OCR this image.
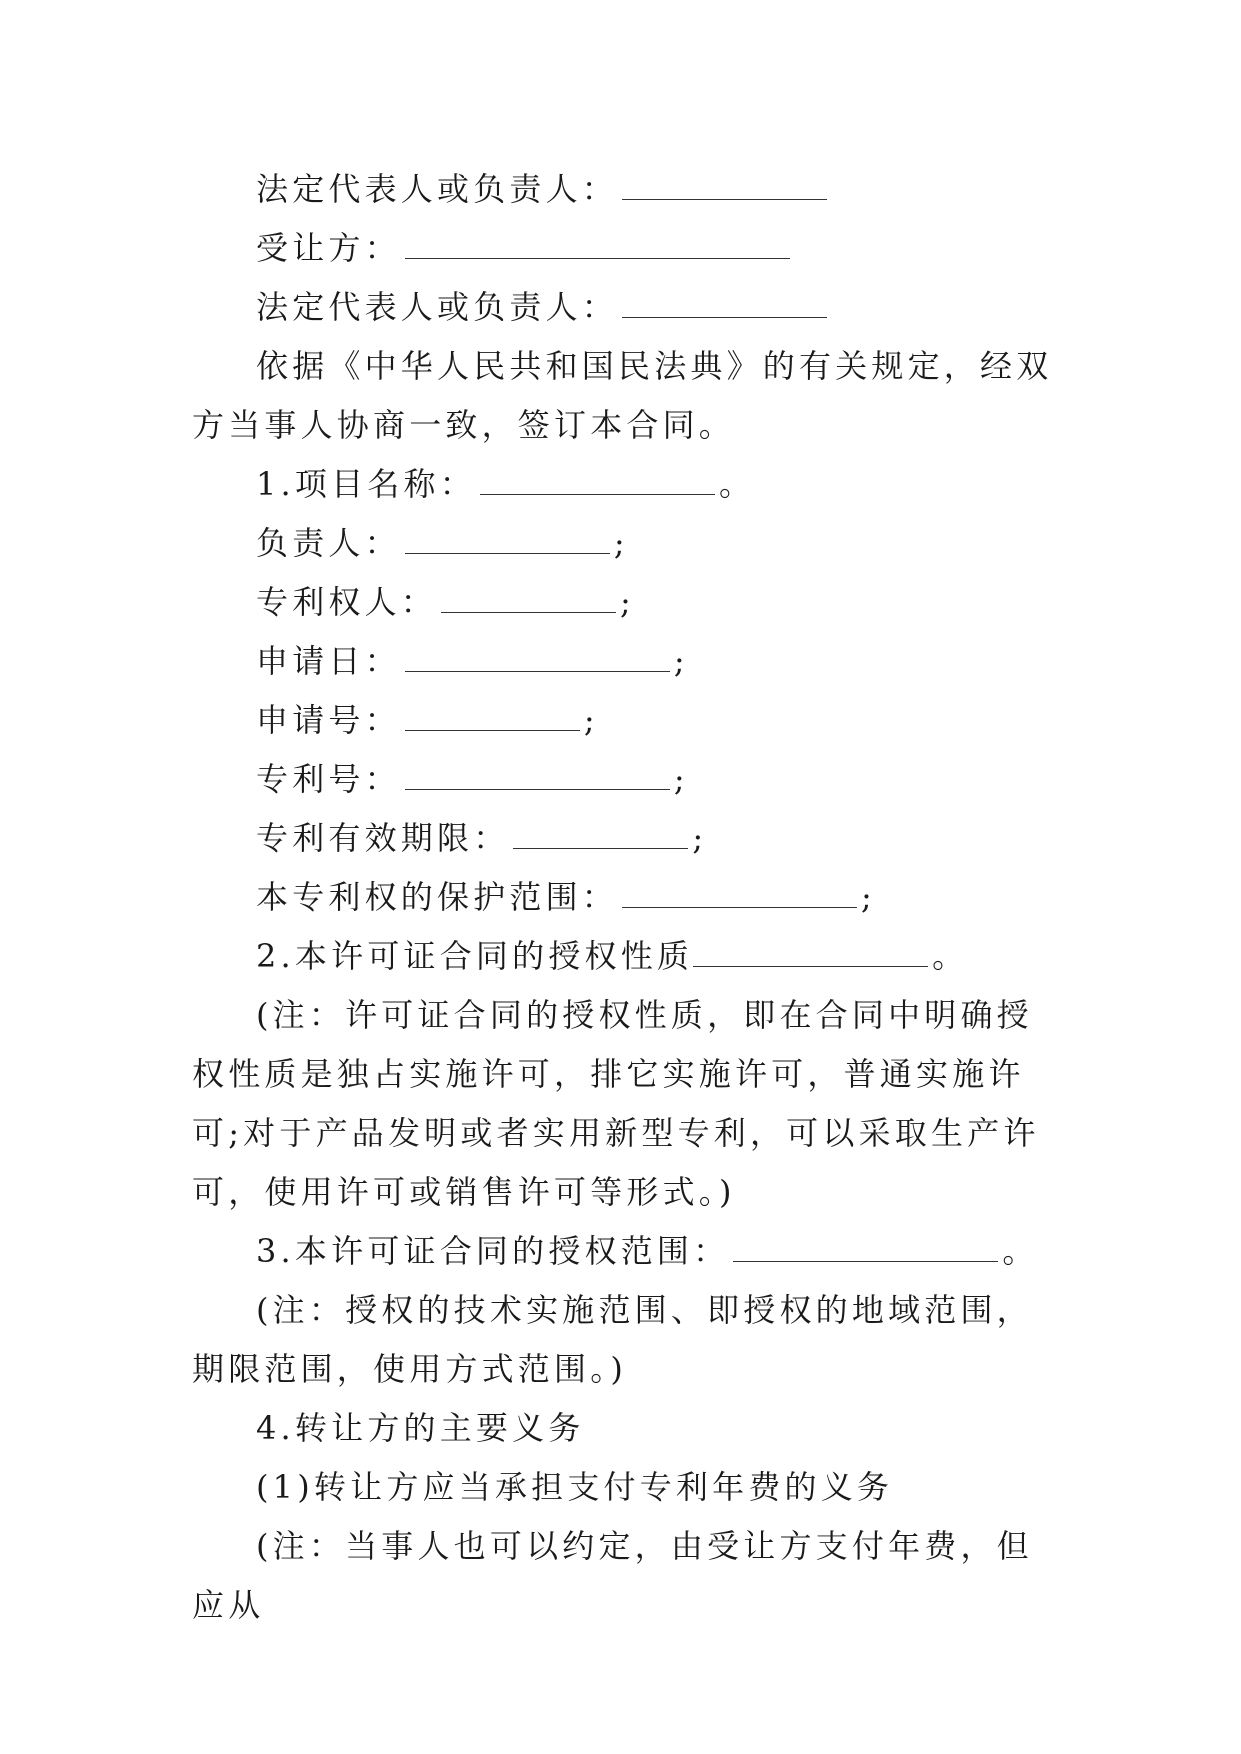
法定代表人或负责人：

受让方：

法定代表人或负责人：

依据《中华人民共和国民法典》的有关规定，经双方当事人协商一致，签订本合同。

1.项目名称：	。

负责人：	;

专利权人：	;

申请日：	;

申请号：	;

专利号：	;

专利有效期限：	;

本专利权的保护范围：	;

2.本许可证合同的授权性质	。

(注：许可证合同的授权性质，即在合同中明确授权性质是独占实施许可，排它实施许可，普通实施许可;对于产品发明或者实用新型专利，可以采取生产许可，使用许可或销售许可等形式。)

3.本许可证合同的授权范围：	。

(注：授权的技术实施范围、即授权的地域范围，期限范围，使用方式范围。)

4.转让方的主要义务

(1)转让方应当承担支付专利年费的义务

(注：当事人也可以约定，由受让方支付年费，但应从
